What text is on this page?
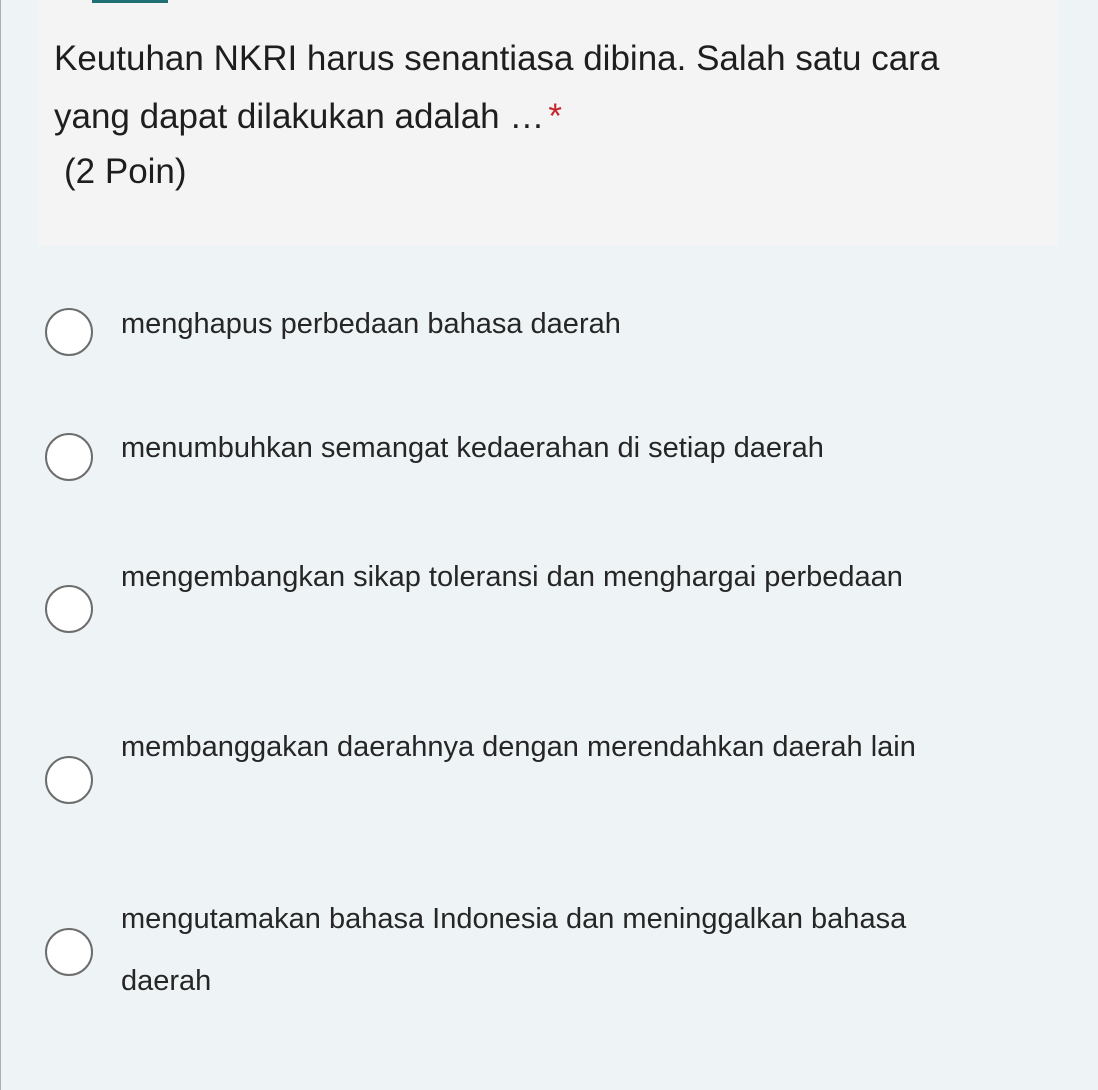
Keutuhan NKRI harus senantiasa dibina. Salah satu cara yang dapat dilakukan adalah … *
(2 Poin)
menghapus perbedaan bahasa daerah
menumbuhkan semangat kedaerahan di setiap daerah
mengembangkan sikap toleransi dan menghargai perbedaan
membanggakan daerahnya dengan merendahkan daerah lain
mengutamakan bahasa Indonesia dan meninggalkan bahasa daerah
